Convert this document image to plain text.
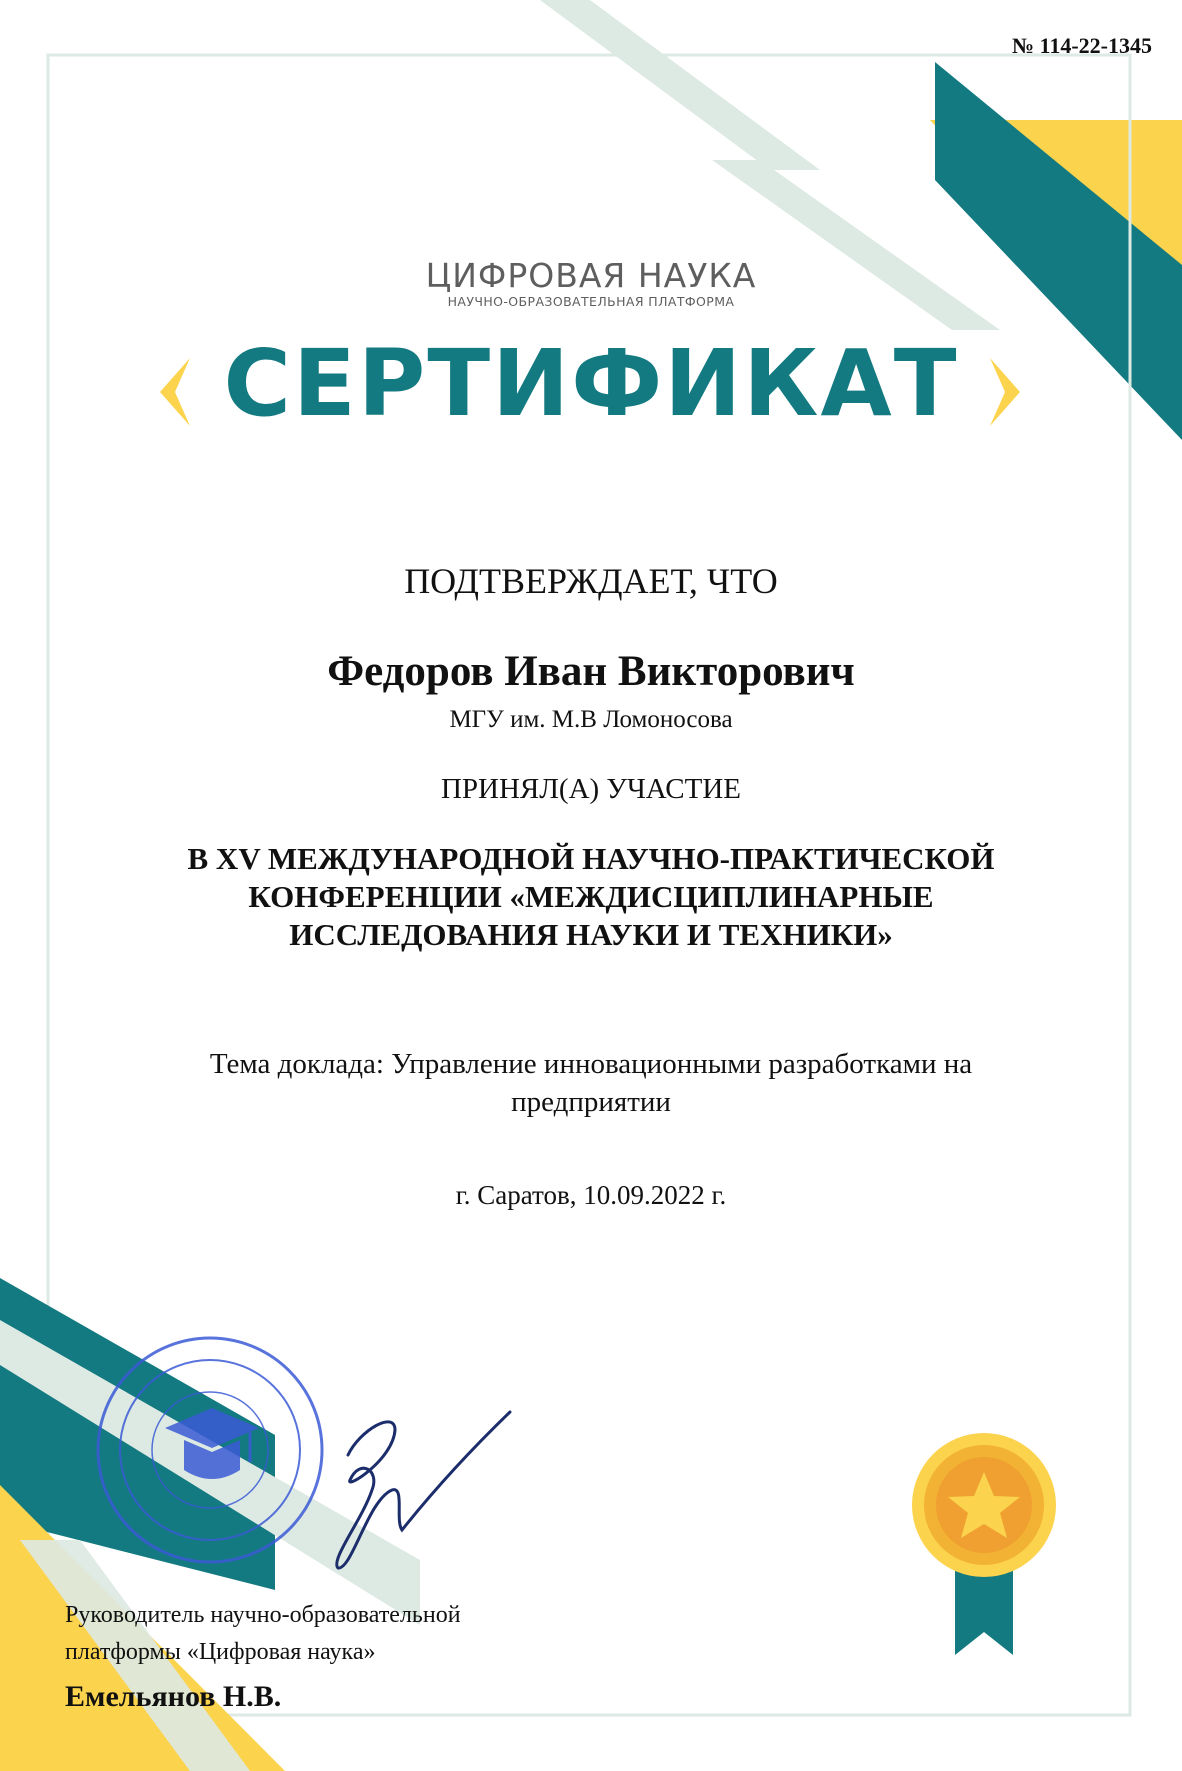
№ 114-22-1345
ЦИФРОВАЯ НАУКА
НАУЧНО-ОБРАЗОВАТЕЛЬНАЯ ПЛАТФОРМА
СЕРТИФИКАТ
ПОДТВЕРЖДАЕТ, ЧТО
Федоров Иван Викторович
МГУ им. М.В Ломоносова
ПРИНЯЛ(А) УЧАСТИЕ
В XV МЕЖДУНАРОДНОЙ НАУЧНО-ПРАКТИЧЕСКОЙ
КОНФЕРЕНЦИИ «МЕЖДИСЦИПЛИНАРНЫЕ
ИССЛЕДОВАНИЯ НАУКИ И ТЕХНИКИ»
Тема доклада: Управление инновационными разработками на
предприятии
г. Саратов, 10.09.2022 г.
Руководитель научно-образовательной
платформы «Цифровая наука»
Емельянов Н.В.
